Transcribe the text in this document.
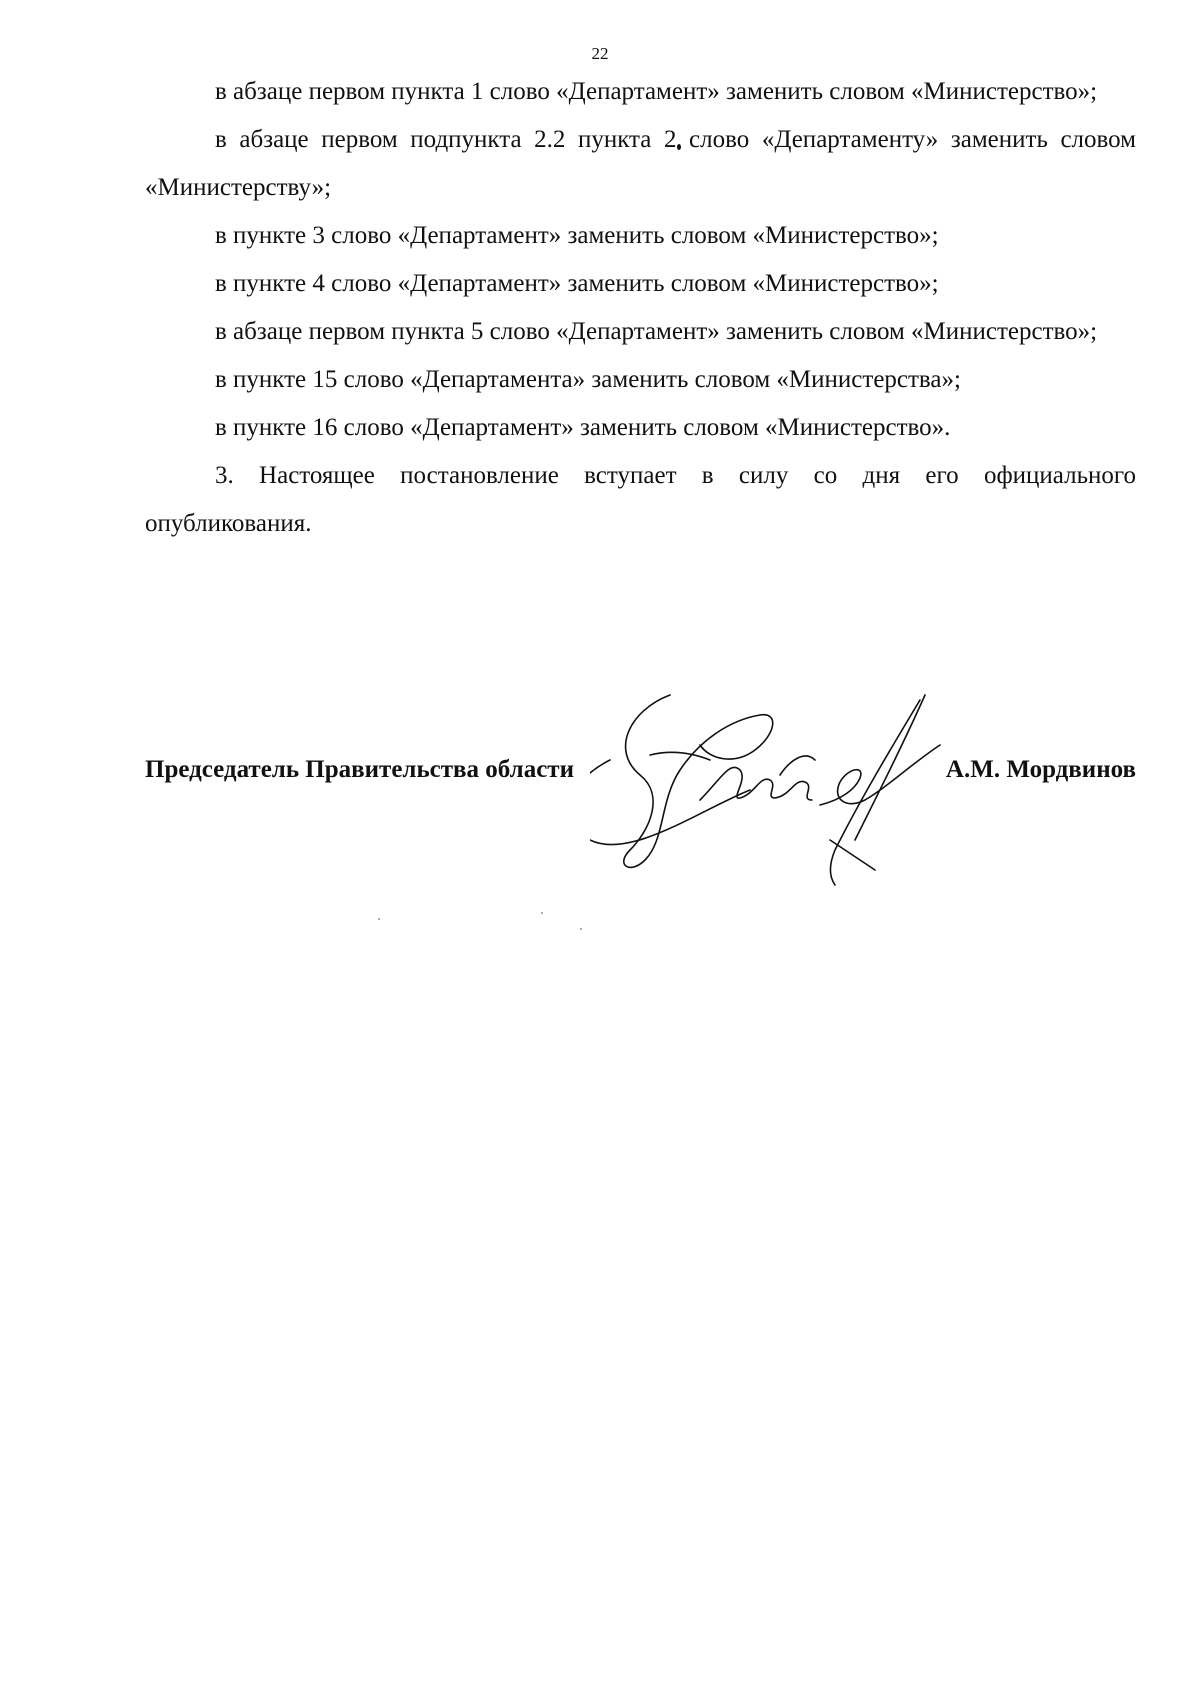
22

в абзаце первом пункта 1 слово «Департамент» заменить словом «Министерство»;

в абзаце первом подпункта 2.2 пункта 2 слово «Департаменту» заменить словом «Министерству»;

в пункте 3 слово «Департамент» заменить словом «Министерство»;

в пункте 4 слово «Департамент» заменить словом «Министерство»;

в абзаце первом пункта 5 слово «Департамент» заменить словом «Министерство»;

в пункте 15 слово «Департамента» заменить словом «Министерства»;

в пункте 16 слово «Департамент» заменить словом «Министерство».

3. Настоящее постановление вступает в силу со дня его официального опубликования.

Председатель Правительства области	А.М. Мордвинов
